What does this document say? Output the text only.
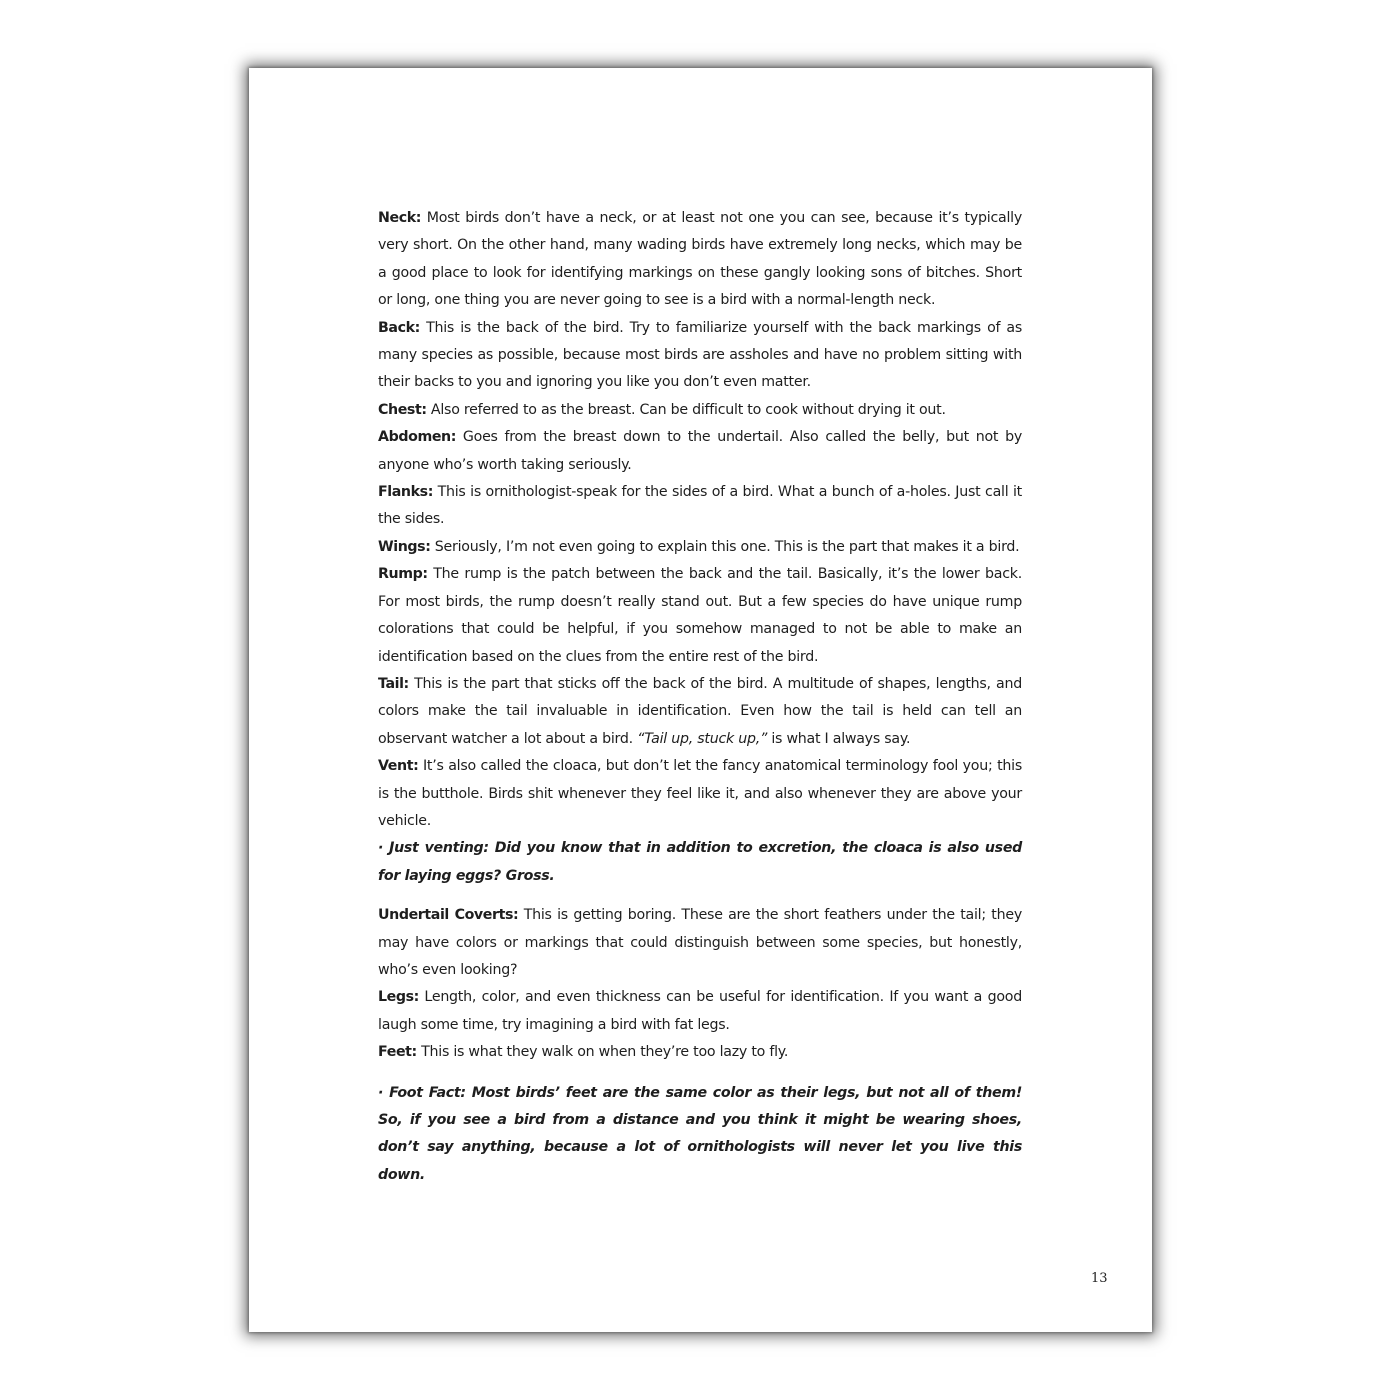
Neck: Most birds don’t have a neck, or at least not one you can see, because it’s typically very short. On the other hand, many wading birds have extremely long necks, which may be a good place to look for identifying markings on these gangly looking sons of bitches. Short or long, one thing you are never going to see is a bird with a normal-length neck.

Back: This is the back of the bird. Try to familiarize yourself with the back markings of as many species as possible, because most birds are assholes and have no problem sitting with their backs to you and ignoring you like you don’t even matter.

Chest: Also referred to as the breast. Can be difficult to cook without drying it out.

Abdomen: Goes from the breast down to the undertail. Also called the belly, but not by anyone who’s worth taking seriously.

Flanks: This is ornithologist-speak for the sides of a bird. What a bunch of a-holes. Just call it the sides.

Wings: Seriously, I’m not even going to explain this one. This is the part that makes it a bird.

Rump: The rump is the patch between the back and the tail. Basically, it’s the lower back. For most birds, the rump doesn’t really stand out. But a few species do have unique rump colorations that could be helpful, if you somehow managed to not be able to make an identification based on the clues from the entire rest of the bird.

Tail: This is the part that sticks off the back of the bird. A multitude of shapes, lengths, and colors make the tail invaluable in identification. Even how the tail is held can tell an observant watcher a lot about a bird. “Tail up, stuck up,” is what I always say.

Vent: It’s also called the cloaca, but don’t let the fancy anatomical terminology fool you; this is the butthole. Birds shit whenever they feel like it, and also whenever they are above your vehicle.

· Just venting: Did you know that in addition to excretion, the cloaca is also used for laying eggs? Gross.

Undertail Coverts: This is getting boring. These are the short feathers under the tail; they may have colors or markings that could distinguish between some species, but honestly, who’s even looking?

Legs: Length, color, and even thickness can be useful for identification. If you want a good laugh some time, try imagining a bird with fat legs.

Feet: This is what they walk on when they’re too lazy to fly.

· Foot Fact: Most birds’ feet are the same color as their legs, but not all of them! So, if you see a bird from a distance and you think it might be wearing shoes, don’t say anything, because a lot of ornithologists will never let you live this down.

13
